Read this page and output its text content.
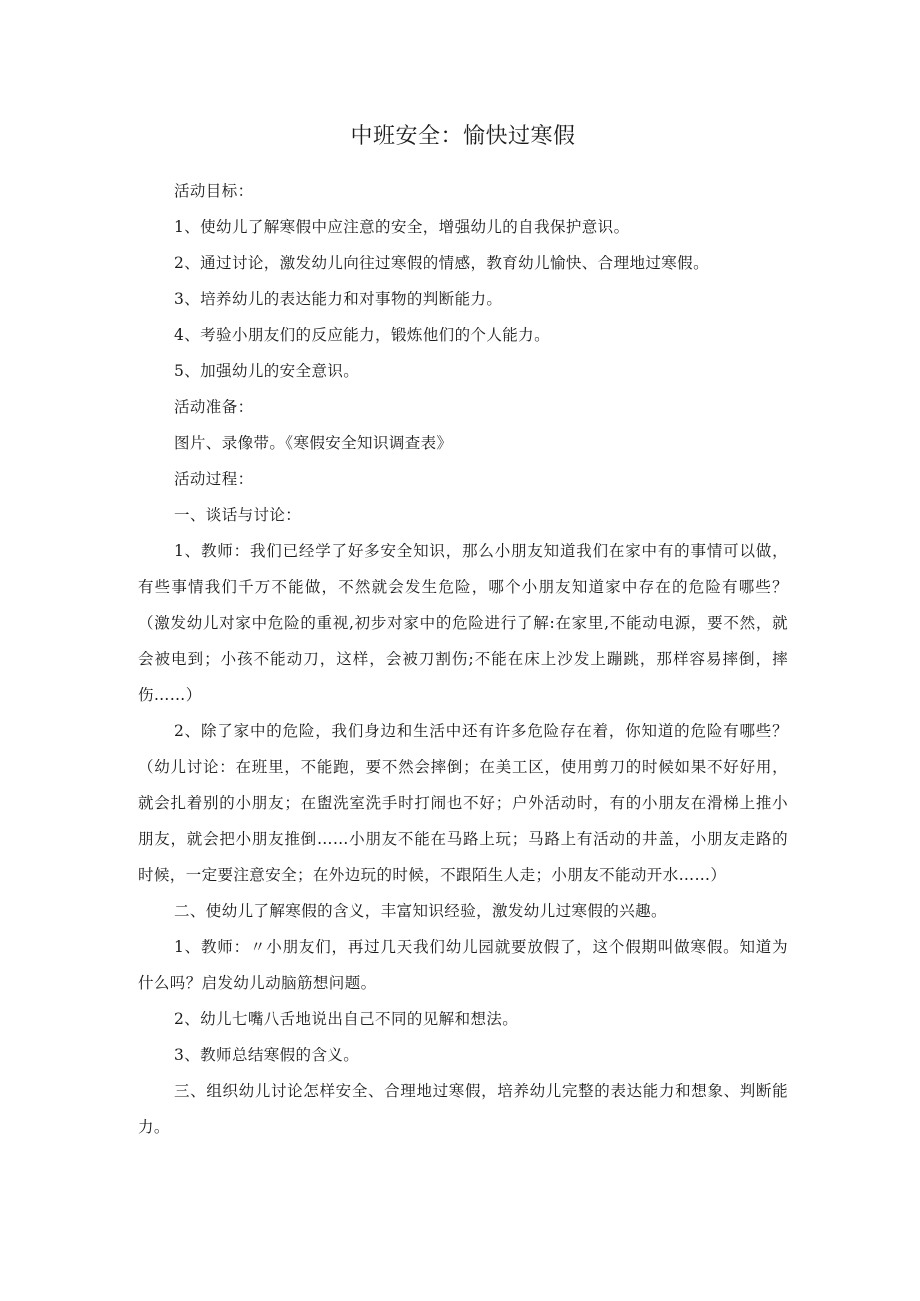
中班安全：愉快过寒假

活动目标：

1、使幼儿了解寒假中应注意的安全，增强幼儿的自我保护意识。

2、通过讨论，激发幼儿向往过寒假的情感，教育幼儿愉快、合理地过寒假。

3、培养幼儿的表达能力和对事物的判断能力。

4、考验小朋友们的反应能力，锻炼他们的个人能力。

5、加强幼儿的安全意识。

活动准备：

图片、录像带。《寒假安全知识调查表》

活动过程：

一、谈话与讨论：

1、教师：我们已经学了好多安全知识，那么小朋友知道我们在家中有的事情可以做，有些事情我们千万不能做，不然就会发生危险，哪个小朋友知道家中存在的危险有哪些？（激发幼儿对家中危险的重视,初步对家中的危险进行了解:在家里,不能动电源，要不然，就会被电到；小孩不能动刀，这样，会被刀割伤;不能在床上沙发上蹦跳，那样容易摔倒，摔伤……）

2、除了家中的危险，我们身边和生活中还有许多危险存在着，你知道的危险有哪些？（幼儿讨论：在班里，不能跑，要不然会摔倒；在美工区，使用剪刀的时候如果不好好用，就会扎着别的小朋友；在盥洗室洗手时打闹也不好；户外活动时，有的小朋友在滑梯上推小朋友，就会把小朋友推倒……小朋友不能在马路上玩；马路上有活动的井盖，小朋友走路的时候，一定要注意安全；在外边玩的时候，不跟陌生人走；小朋友不能动开水……）

二、使幼儿了解寒假的含义，丰富知识经验，激发幼儿过寒假的兴趣。

1、教师：〃小朋友们，再过几天我们幼儿园就要放假了，这个假期叫做寒假。知道为什么吗？启发幼儿动脑筋想问题。

2、幼儿七嘴八舌地说出自己不同的见解和想法。

3、教师总结寒假的含义。

三、组织幼儿讨论怎样安全、合理地过寒假，培养幼儿完整的表达能力和想象、判断能力。
